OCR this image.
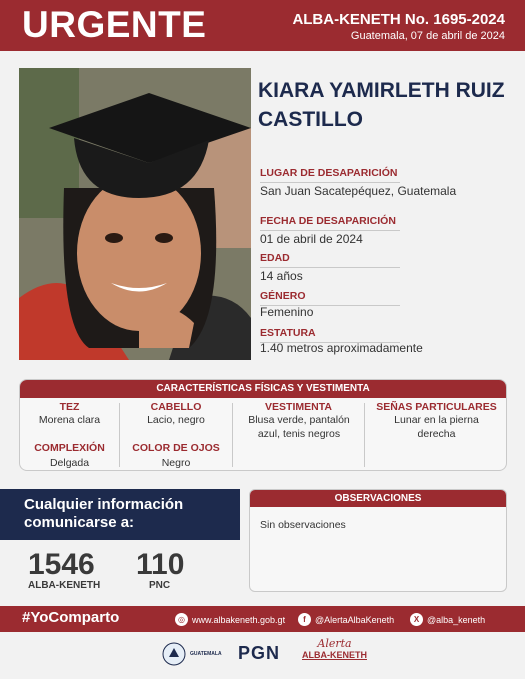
URGENTE	ALBA-KENETH No. 1695-2024
Guatemala, 07 de abril de 2024
KIARA YAMIRLETH RUIZ CASTILLO
LUGAR DE DESAPARICIÓN
San Juan Sacatepéquez, Guatemala
FECHA DE DESAPARICIÓN
01 de abril de 2024
EDAD
14 años
GÉNERO
Femenino
ESTATURA
1.40 metros aproximadamente
CARACTERÍSTICAS FÍSICAS Y VESTIMENTA
TEZ
Morena clara
CABELLO
Lacio, negro
VESTIMENTA
Blusa verde, pantalón azul, tenis negros
SEÑAS PARTICULARES
Lunar en la pierna derecha
COMPLEXIÓN
Delgada
COLOR DE OJOS
Negro
Cualquier información comunicarse a:
1546
ALBA-KENETH
110
PNC
OBSERVACIONES
Sin observaciones
#YoComparto	◎ www.albakeneth.gob.gt	f	@AlertaAlbaKeneth	X @alba_keneth
GUATEMALA PGN	Alerta
ALBA-KENETH
